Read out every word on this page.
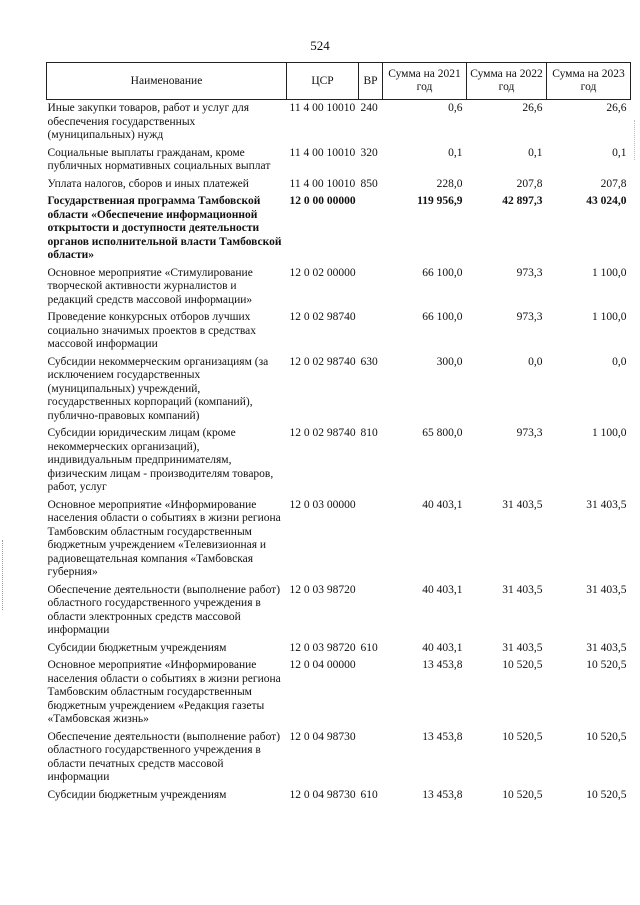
524
Наименование	ЦСР	ВР	Сумма на 2021 год	Сумма на 2022 год	Сумма на 2023 год
Иные закупки товаров, работ и услуг для обеспечения государственных (муниципальных) нужд	11 4 00 10010	240	0,6	26,6	26,6
Социальные выплаты гражданам, кроме публичных нормативных социальных выплат	11 4 00 10010	320	0,1	0,1	0,1
Уплата налогов, сборов и иных платежей	11 4 00 10010	850	228,0	207,8	207,8
Государственная программа Тамбовской области «Обеспечение информационной открытости и доступности деятельности органов исполнительной власти Тамбовской области»	12 0 00 00000		119 956,9	42 897,3	43 024,0
Основное мероприятие «Стимулирование творческой активности журналистов и редакций средств массовой информации»	12 0 02 00000		66 100,0	973,3	1 100,0
Проведение конкурсных отборов лучших социально значимых проектов в средствах массовой информации	12 0 02 98740		66 100,0	973,3	1 100,0
Субсидии некоммерческим организациям (за исключением государственных (муниципальных) учреждений, государственных корпораций (компаний), публично-правовых компаний)	12 0 02 98740	630	300,0	0,0	0,0
Субсидии юридическим лицам (кроме некоммерческих организаций), индивидуальным предпринимателям, физическим лицам - производителям товаров, работ, услуг	12 0 02 98740	810	65 800,0	973,3	1 100,0
Основное мероприятие «Информирование населения области о событиях в жизни региона Тамбовским областным государственным бюджетным учреждением «Телевизионная и радиовещательная компания «Тамбовская губерния»	12 0 03 00000		40 403,1	31 403,5	31 403,5
Обеспечение деятельности (выполнение работ) областного государственного учреждения в области электронных средств массовой информации	12 0 03 98720		40 403,1	31 403,5	31 403,5
Субсидии бюджетным учреждениям	12 0 03 98720	610	40 403,1	31 403,5	31 403,5
Основное мероприятие «Информирование населения области о событиях в жизни региона Тамбовским областным государственным бюджетным учреждением «Редакция газеты «Тамбовская жизнь»	12 0 04 00000		13 453,8	10 520,5	10 520,5
Обеспечение деятельности (выполнение работ) областного государственного учреждения в области печатных средств массовой информации	12 0 04 98730		13 453,8	10 520,5	10 520,5
Субсидии бюджетным учреждениям	12 0 04 98730	610	13 453,8	10 520,5	10 520,5
